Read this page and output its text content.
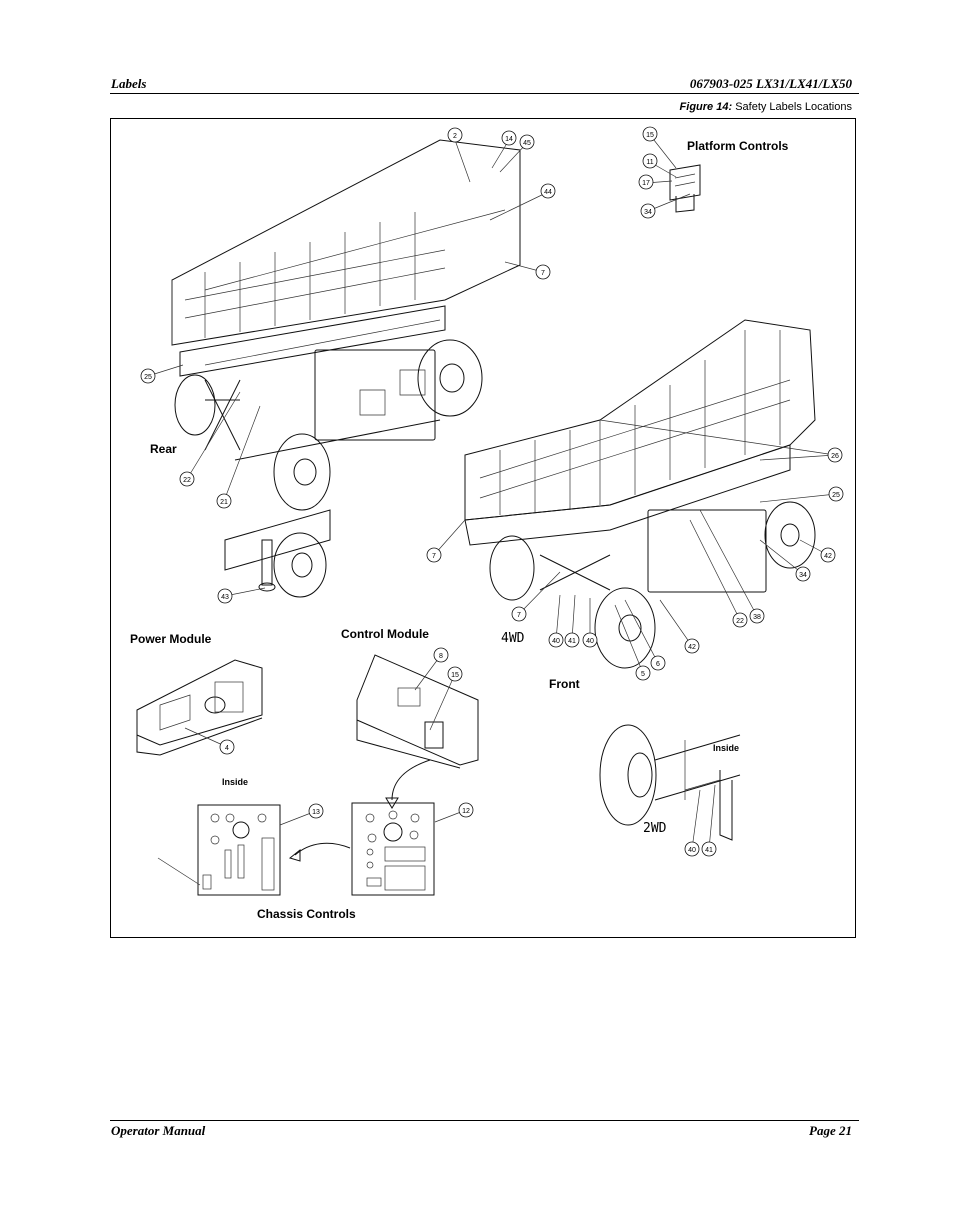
Labels	067903-025 LX31/LX41/LX50
Figure 14: Safety Labels Locations
2	14
45
44
7
15
11
17
34
25
22
21
43
26
25
42
34
7
7
40 41 40
5
6
42
22
38
8
15
4
13	12
40 41
Platform Controls
Rear
Power Module	Control Module	4WD
Front
Inside
Inside
2WD
Chassis Controls
Operator Manual	Page 21
